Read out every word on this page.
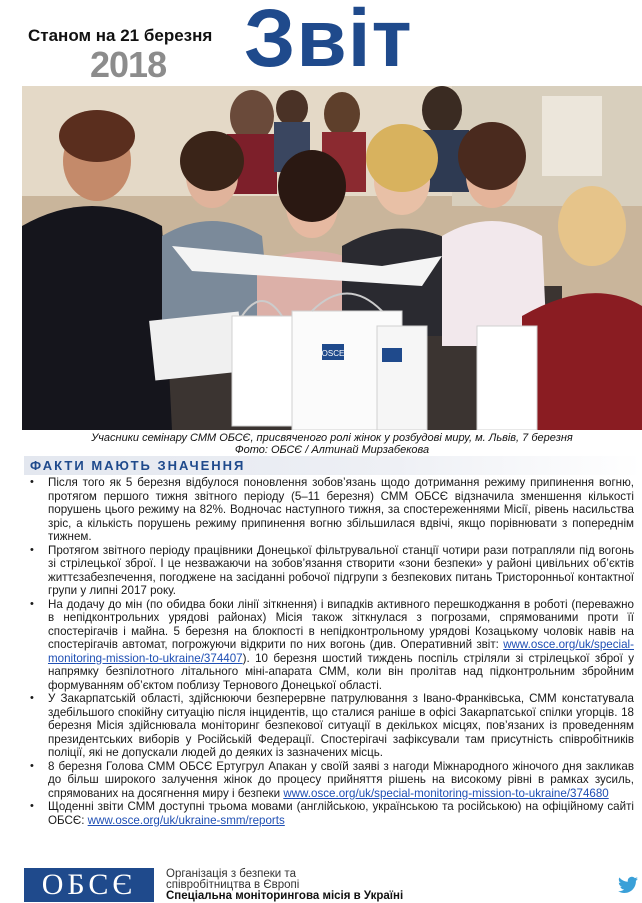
Станом на 21 березня
2018 Звіт
OSCE
Учасники семінару СММ ОБСЄ, присвяченого ролі жінок у розбудові миру, м. Львів, 7 березня
Фото: ОБСЄ / Алтинай Мирзабекова
ФАКТИ МАЮТЬ ЗНАЧЕННЯ
• Після того як 5 березня відбулося поновлення зобов’язань щодо дотримання режиму припинення вогню, протягом першого тижня звітного періоду (5–11 березня) СММ ОБСЄ відзначила зменшення кількості порушень цього режиму на 82%. Водночас наступного тижня, за спостереженнями Місії, рівень насильства зріс, а кількість порушень режиму припинення вогню збільшилася вдвічі, якщо порівнювати з попереднім тижнем.
• Протягом звітного періоду працівники Донецької фільтрувальної станції чотири рази потрапляли під вогонь зі стрілецької зброї. І це незважаючи на зобов’язання створити «зони безпеки» у районі цивільних об’єктів життєзабезпечення, погоджене на засіданні робочої підгрупи з безпекових питань Тристоронньої контактної групи у липні 2017 року.
• На додачу до мін (по обидва боки лінії зіткнення) і випадків активного перешкоджання в роботі (переважно в непідконтрольних урядові районах) Місія також зіткнулася з погрозами, спрямованими проти її спостерігачів і майна. 5 березня на блокпості в непідконтрольному урядові Козацькому чоловік навів на спостерігачів автомат, погрожуючи відкрити по них вогонь (див. Оперативний звіт: www.osce.org/uk/special-monitoring-mission-to-ukraine/374407). 10 березня шостий тиждень поспіль стріляли зі стрілецької зброї у напрямку безпілотного літального міні-апарата СММ, коли він пролітав над підконтрольним збройним формуванням об’єктом поблизу Тернового Донецької області.
• У Закарпатській області, здійснюючи безперервне патрулювання з Івано-Франківська, СММ констатувала здебільшого спокійну ситуацію після інцидентів, що сталися раніше в офісі Закарпатської спілки угорців. 18 березня Місія здійснювала моніторинг безпекової ситуації в декількох місцях, пов’язаних із проведенням президентських виборів у Російській Федерації. Спостерігачі зафіксували там присутність співробітників поліції, які не допускали людей до деяких із зазначених місць.
• 8 березня Голова СММ ОБСЄ Ертугрул Апакан у своїй заяві з нагоди Міжнародного жіночого дня закликав до більш широкого залучення жінок до процесу прийняття рішень на високому рівні в рамках зусиль, спрямованих на досягнення миру і безпеки www.osce.org/uk/special-monitoring-mission-to-ukraine/374680
• Щоденні звіти СММ доступні трьома мовами (англійською, українською та російською) на офіційному сайті ОБСЄ: www.osce.org/uk/ukraine-smm/reports
ОБСЄ	Організація з безпеки та
співробітництва в Європі
Спеціальна моніторингова місія в Україні
